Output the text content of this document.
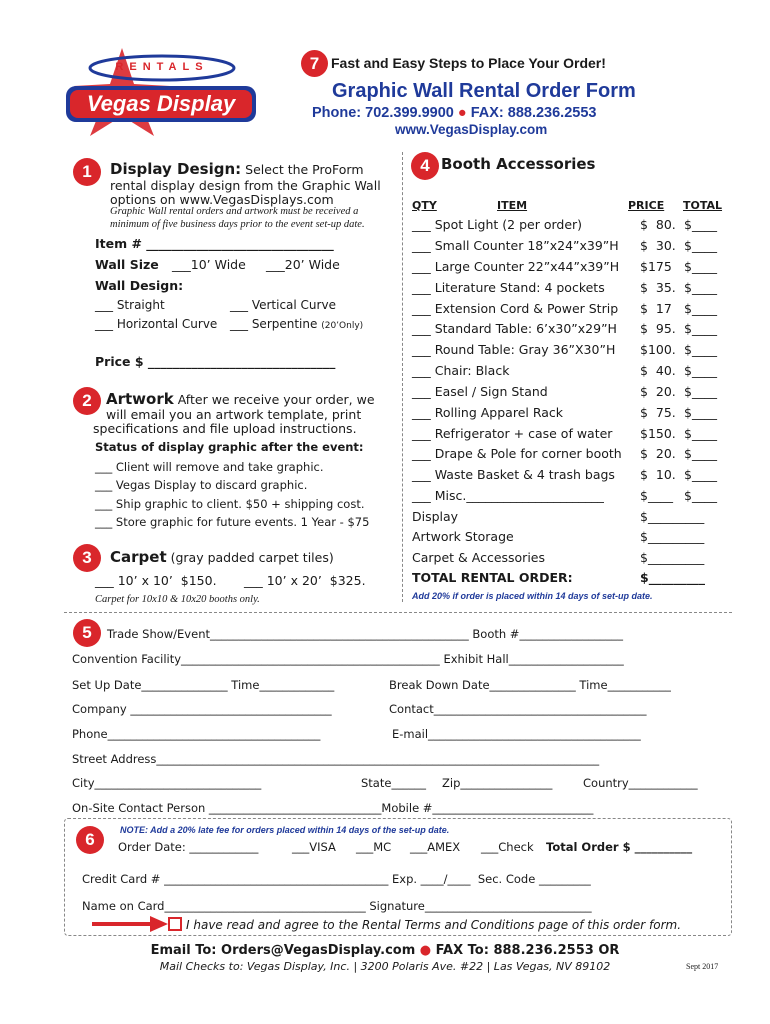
RENTALS
Vegas Display
7 Fast and Easy Steps to Place Your Order!
Graphic Wall Rental Order Form
Phone: 702.399.9900 ● FAX: 888.236.2553
www.VegasDisplay.com
1	Display Design: Select the ProForm
rental display design from the Graphic Wall
options on www.VegasDisplays.com
Graphic Wall rental orders and artwork must be received a
minimum of five business days prior to the event set-up date.
Item # ______________________________
Wall Size ___10’ Wide ___20’ Wide
Wall Design:
___ Straight	___ Vertical Curve
___ Horizontal Curve ___ Serpentine (20’Only)
Price $ ______________________________
2 Artwork After we receive your order, we
will email you an artwork template, print
specifications and file upload instructions.
Status of display graphic after the event:
___ Client will remove and take graphic.
___ Vegas Display to discard graphic.
___ Ship graphic to client. $50 + shipping cost.
___ Store graphic for future events. 1 Year - $75
3	Carpet (gray padded carpet tiles)
___ 10’ x 10’  $150. ___ 10’ x 20’  $325.
Carpet for 10x10 & 10x20 booths only.
4 Booth Accessories
QTY	ITEM	PRICE TOTAL
___ Spot Light (2 per order)	$  80. $____
___ Small Counter 18”x24”x39”H $  30. $____
___ Large Counter 22”x44”x39”H $175 $____
___ Literature Stand: 4 pockets	$  35. $____
___ Extension Cord & Power Strip $  17 $____
___ Standard Table: 6’x30”x29”H $  95. $____
___ Round Table: Gray 36”X30”H $100. $____
___ Chair: Black	$  40. $____
___ Easel / Sign Stand	$  20. $____
___ Rolling Apparel Rack	$  75. $____
___ Refrigerator + case of water $150. $____
___ Drape & Pole for corner booth $  20. $____
___ Waste Basket & 4 trash bags $  10. $____
___ Misc.______________________	$____ $____
Display	$_________
Artwork Storage	$_________
Carpet & Accessories	$_________
TOTAL RENTAL ORDER:	$_________
Add 20% if order is placed within 14 days of set-up date.
5	Trade Show/Event_____________________________________________ Booth #__________________
Convention Facility_____________________________________________ Exhibit Hall____________________
Set Up Date_______________ Time_____________	Break Down Date_______________ Time___________
Company ___________________________________	Contact_____________________________________
Phone_____________________________________	E-mail_____________________________________
Street Address_____________________________________________________________________________
City_____________________________	State______ Zip________________	Country____________
On-Site Contact Person ______________________________Mobile #____________________________
6	NOTE: Add a 20% late fee for orders placed within 14 days of the set-up date.
Order Date: ____________	___VISA ___MC ___AMEX ___Check Total Order $ __________
Credit Card # _______________________________________ Exp. ____/____  Sec. Code _________
Name on Card___________________________________ Signature_____________________________
I have read and agree to the Rental Terms and Conditions page of this order form.
Email To: Orders@VegasDisplay.com ● FAX To: 888.236.2553 OR
Mail Checks to: Vegas Display, Inc. | 3200 Polaris Ave. #22 | Las Vegas, NV 89102	Sept 2017
